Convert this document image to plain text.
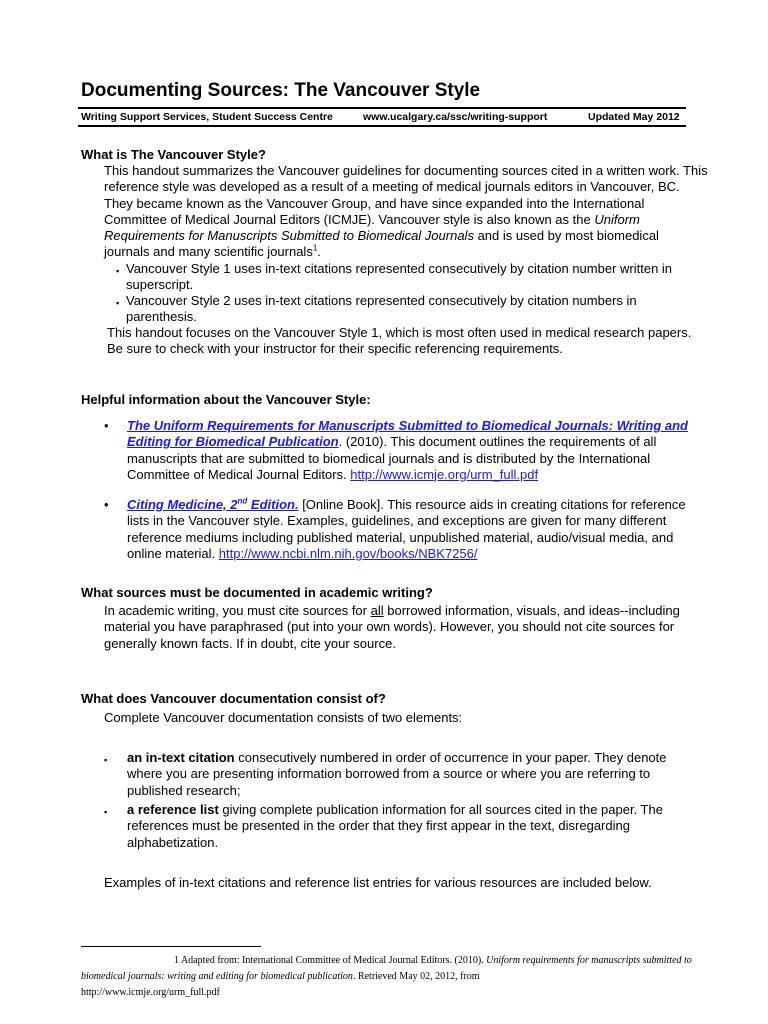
Documenting Sources: The Vancouver Style
Writing Support Services, Student Success Centre	www.ucalgary.ca/ssc/writing-support	Updated May 2012
What is The Vancouver Style?

This handout summarizes the Vancouver guidelines for documenting sources cited in a written work. This reference style was developed as a result of a meeting of medical journals editors in Vancouver, BC. They became known as the Vancouver Group, and have since expanded into the International Committee of Medical Journal Editors (ICMJE). Vancouver style is also known as the Uniform Requirements for Manuscripts Submitted to Biomedical Journals and is used by most biomedical journals and many scientific journals$^1$.

▪ Vancouver Style 1 uses in-text citations represented consecutively by citation number written in superscript.
▪ Vancouver Style 2 uses in-text citations represented consecutively by citation numbers in parenthesis.

This handout focuses on the Vancouver Style 1, which is most often used in medical research papers. Be sure to check with your instructor for their specific referencing requirements.

Helpful information about the Vancouver Style:
•	The Uniform Requirements for Manuscripts Submitted to Biomedical Journals: Writing and Editing for Biomedical Publication. (2010). This document outlines the requirements of all manuscripts that are submitted to biomedical journals and is distributed by the International Committee of Medical Journal Editors. http://www.icmje.org/urm_full.pdf
•	Citing Medicine, 2nd Edition. [Online Book]. This resource aids in creating citations for reference lists in the Vancouver style. Examples, guidelines, and exceptions are given for many different reference mediums including published material, unpublished material, audio/visual media, and online material. http://www.ncbi.nlm.nih.gov/books/NBK7256/
What sources must be documented in academic writing?

In academic writing, you must cite sources for all borrowed information, visuals, and ideas--including material you have paraphrased (put into your own words). However, you should not cite sources for generally known facts. If in doubt, cite your source.

What does Vancouver documentation consist of?

Complete Vancouver documentation consists of two elements:

▪	an in-text citation consecutively numbered in order of occurrence in your paper. They denote where you are presenting information borrowed from a source or where you are referring to published research;
▪	a reference list giving complete publication information for all sources cited in the paper. The references must be presented in the order that they first appear in the text, disregarding alphabetization.

Examples of in-text citations and reference list entries for various resources are included below.

1 Adapted from: International Committee of Medical Journal Editors. (2010). Uniform requirements for manuscripts submitted to biomedical journals: writing and editing for biomedical publication. Retrieved May 02, 2012, from
http://www.icmje.org/urm_full.pdf
